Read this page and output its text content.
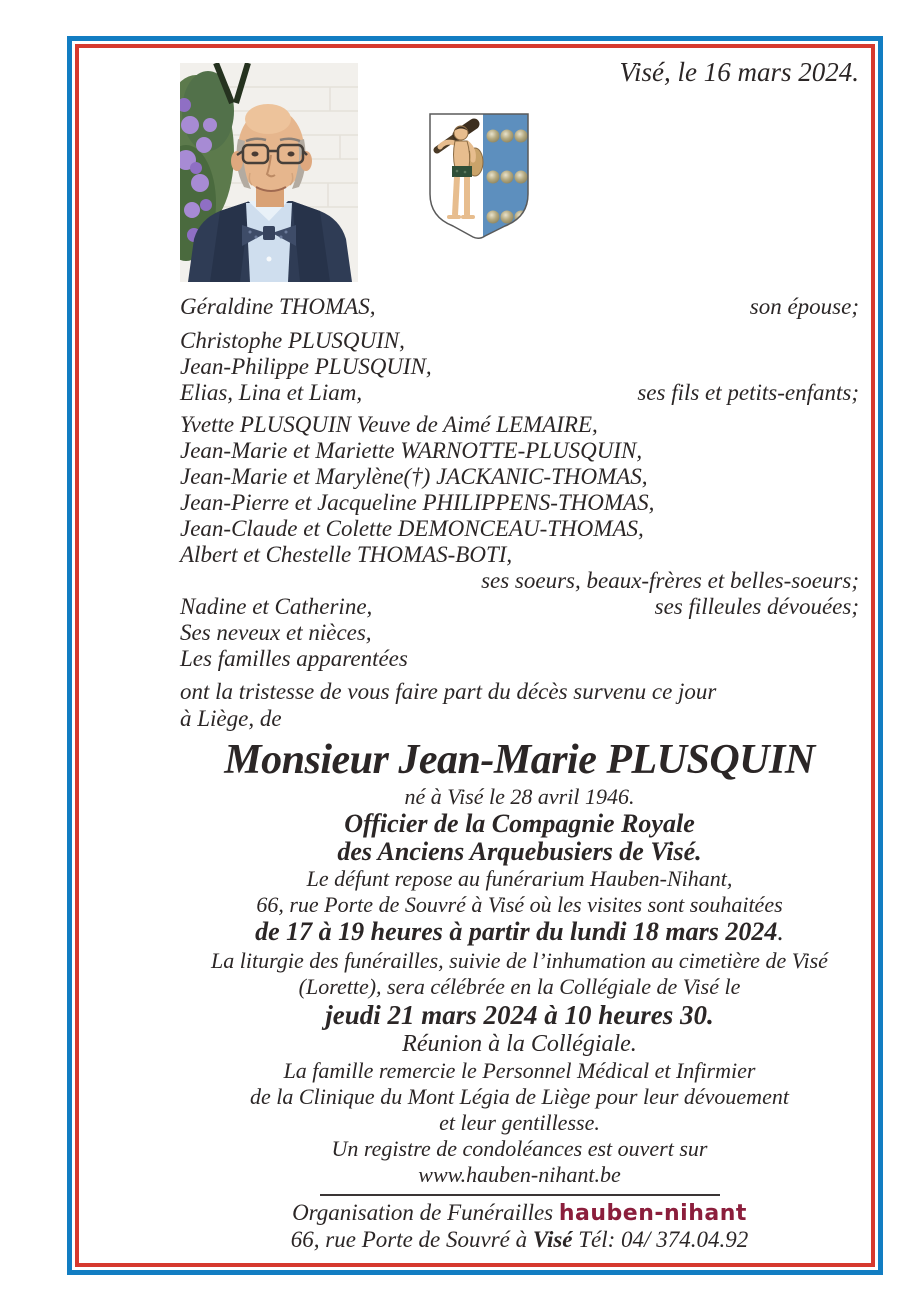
Visé, le 16 mars 2024.
Géraldine THOMAS,	son épouse;
Christophe PLUSQUIN,
Jean-Philippe PLUSQUIN,
Elias, Lina et Liam,	ses fils et petits-enfants;
Yvette PLUSQUIN Veuve de Aimé LEMAIRE,
Jean-Marie et Mariette WARNOTTE-PLUSQUIN,
Jean-Marie et Marylène(†) JACKANIC-THOMAS,
Jean-Pierre et Jacqueline PHILIPPENS-THOMAS,
Jean-Claude et Colette DEMONCEAU-THOMAS,
Albert et Chestelle THOMAS-BOTI,
ses soeurs, beaux-frères et belles-soeurs;
Nadine et Catherine,	ses filleules dévouées;
Ses neveux et nièces,
Les familles apparentées
ont la tristesse de vous faire part du décès survenu ce jour
à Liège, de
Monsieur Jean-Marie PLUSQUIN
né à Visé le 28 avril 1946.
Officier de la Compagnie Royale
des Anciens Arquebusiers de Visé.
Le défunt repose au funérarium Hauben-Nihant,
66, rue Porte de Souvré à Visé où les visites sont souhaitées
de 17 à 19 heures à partir du lundi 18 mars 2024.
La liturgie des funérailles, suivie de l’inhumation au cimetière de Visé
(Lorette), sera célébrée en la Collégiale de Visé le
jeudi 21 mars 2024 à 10 heures 30.
Réunion à la Collégiale.
La famille remercie le Personnel Médical et Infirmier
de la Clinique du Mont Légia de Liège pour leur dévouement
et leur gentillesse.
Un registre de condoléances est ouvert sur
www.hauben-nihant.be
Organisation de Funérailles hauben-nihant
66, rue Porte de Souvré à Visé Tél: 04/ 374.04.92
